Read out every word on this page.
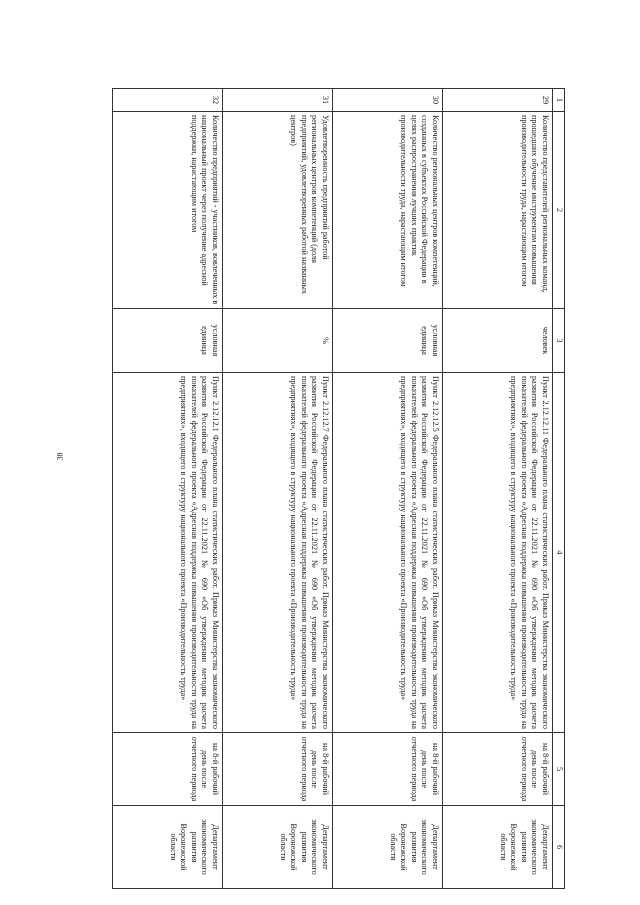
38
1	2	3	4	5	6
29	Количество представителей региональных команд, прошедших обучение инструментам повышения производительности труда, нарастающим итогом	человек	Пункт 2.12.12.11 Федерального плана статистических работ. Приказ Министерства экономического развития Российской Федерации от 22.11.2021 № 690 «Об утверждении методик расчета показателей федерального проекта «Адресная поддержка повышения производительности труда на предприятиях», входящего в структуру национального проекта «Производительность труда»	на 8-й рабочий день после отчетного периода	Департамент экономического развития Воронежской области
30	Количество региональных центров компетенций, созданных в субъектах Российской Федерации в целях распространения лучших практик производительности труда, нарастающим итогом	условная единица	Пункт 2.12.12.5 Федерального плана статистических работ. Приказ Министерства экономического развития Российской Федерации от 22.11.2021 № 690 «Об утверждении методик расчета показателей федерального проекта «Адресная поддержка повышения производительности труда на предприятиях», входящего в структуру национального проекта «Производительность труда»	на 8-й рабочий день после отчетного периода	Департамент экономического развития Воронежской области
31	Удовлетворенность предприятий работой региональных центров компетенций (доля предприятий, удовлетворенных работой названных центров)	%	Пункт 2.12.12.7 Федерального плана статистических работ. Приказ Министерства экономического развития Российской Федерации от 22.11.2021 № 690 «Об утверждении методик расчета показателей федерального проекта «Адресная поддержка повышения производительности труда на предприятиях», входящего в структуру национального проекта «Производительность труда»	на 8-й рабочий день после отчетного периода	Департамент экономического развития Воронежской области
32	Количество предприятий - участников, вовлеченных в национальный проект через получение адресной поддержки, нарастающим итогом	условная единица	Пункт 2.12.12.1 Федерального плана статистических работ. Приказ Министерства экономического развития Российской Федерации от 22.11.2021 № 690 «Об утверждении методик расчета показателей федерального проекта «Адресная поддержка повышения производительности труда на предприятиях», входящего в структуру национального проекта «Производительность труда»	на 8-й рабочий день после отчетного периода	Департамент экономического развития Воронежской области
